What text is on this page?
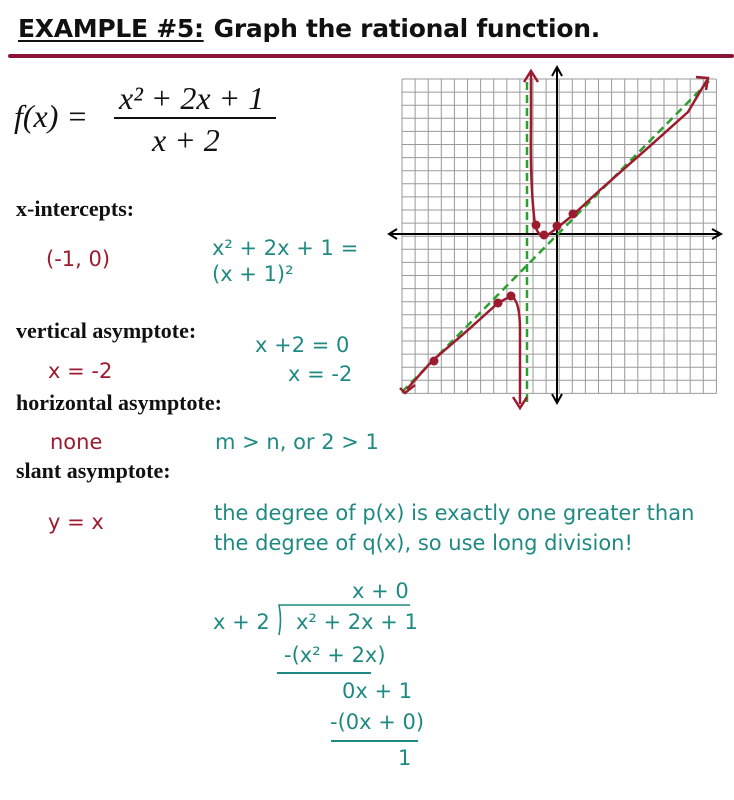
EXAMPLE #5: Graph the rational function.
f(x) = x² + 2x + 1
x + 2
x-intercepts:
(-1, 0)	x² + 2x + 1 =
(x + 1)²
vertical asymptote:
x = -2
x +2 = 0
x = -2
horizontal asymptote:
none	m > n, or 2 > 1
slant asymptote:
y = x	the degree of p(x) is exactly one greater than
the degree of q(x), so use long division!
x + 0
x + 2 x² + 2x + 1
-(x² + 2x)
0x + 1
-(0x + 0)
1
